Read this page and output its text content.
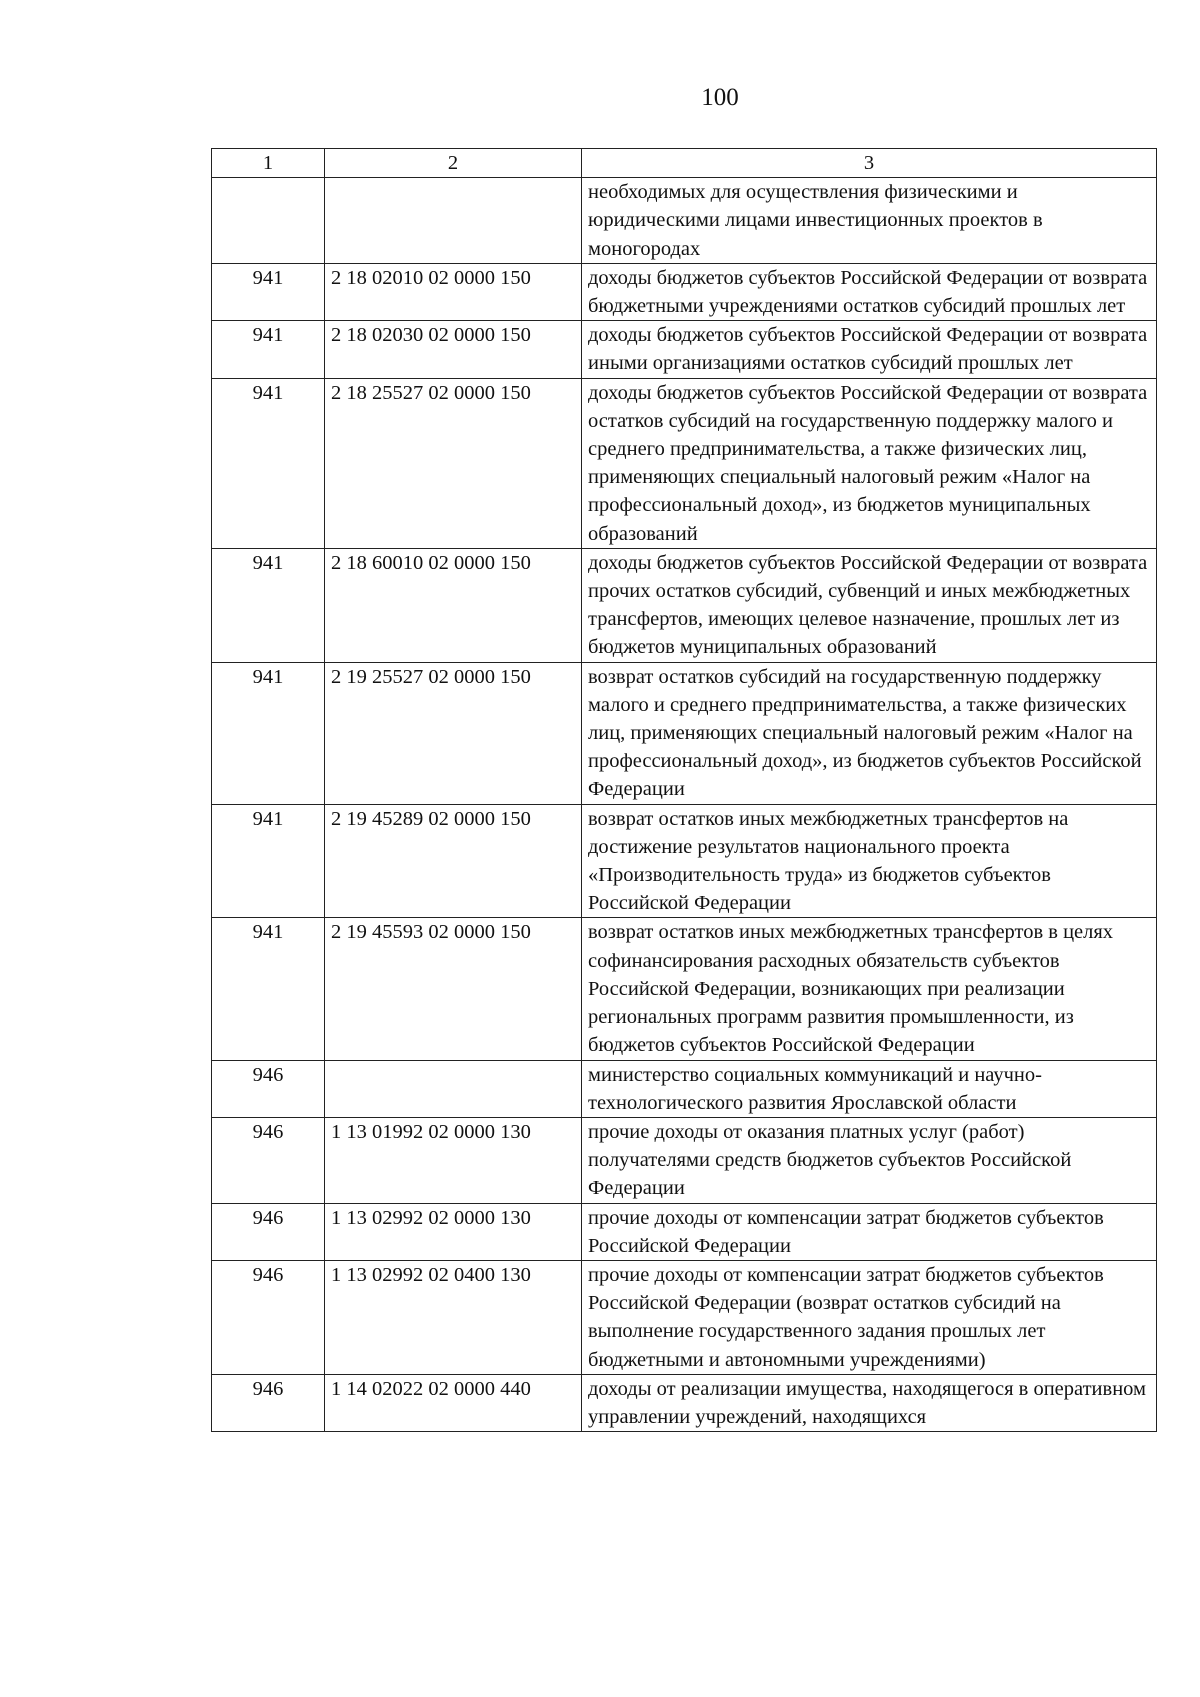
100
1	2	3
		необходимых для осуществления физическими и юридическими лицами инвестиционных проектов в моногородах
941	2 18 02010 02 0000 150	доходы бюджетов субъектов Российской Федерации от возврата бюджетными учреждениями остатков субсидий прошлых лет
941	2 18 02030 02 0000 150	доходы бюджетов субъектов Российской Федерации от возврата иными организациями остатков субсидий прошлых лет
941	2 18 25527 02 0000 150	доходы бюджетов субъектов Российской Федерации от возврата остатков субсидий на государственную поддержку малого и среднего предпринимательства, а также физических лиц, применяющих специальный налоговый режим «Налог на профессиональный доход», из бюджетов муниципальных образований
941	2 18 60010 02 0000 150	доходы бюджетов субъектов Российской Федерации от возврата прочих остатков субсидий, субвенций и иных межбюджетных трансфертов, имеющих целевое назначение, прошлых лет из бюджетов муниципальных образований
941	2 19 25527 02 0000 150	возврат остатков субсидий на государственную поддержку малого и среднего предпринимательства, а также физических лиц, применяющих специальный налоговый режим «Налог на профессиональный доход», из бюджетов субъектов Российской Федерации
941	2 19 45289 02 0000 150	возврат остатков иных межбюджетных трансфертов на достижение результатов национального проекта «Производительность труда» из бюджетов субъектов Российской Федерации
941	2 19 45593 02 0000 150	возврат остатков иных межбюджетных трансфертов в целях софинансирования расходных обязательств субъектов Российской Федерации, возникающих при реализации региональных программ развития промышленности, из бюджетов субъектов Российской Федерации
946		министерство социальных коммуникаций и научно-технологического развития Ярославской области
946	1 13 01992 02 0000 130	прочие доходы от оказания платных услуг (работ) получателями средств бюджетов субъектов Российской Федерации
946	1 13 02992 02 0000 130	прочие доходы от компенсации затрат бюджетов субъектов Российской Федерации
946	1 13 02992 02 0400 130	прочие доходы от компенсации затрат бюджетов субъектов Российской Федерации (возврат остатков субсидий на выполнение государственного задания прошлых лет бюджетными и автономными учреждениями)
946	1 14 02022 02 0000 440	доходы от реализации имущества, находящегося в оперативном управлении учреждений, находящихся
